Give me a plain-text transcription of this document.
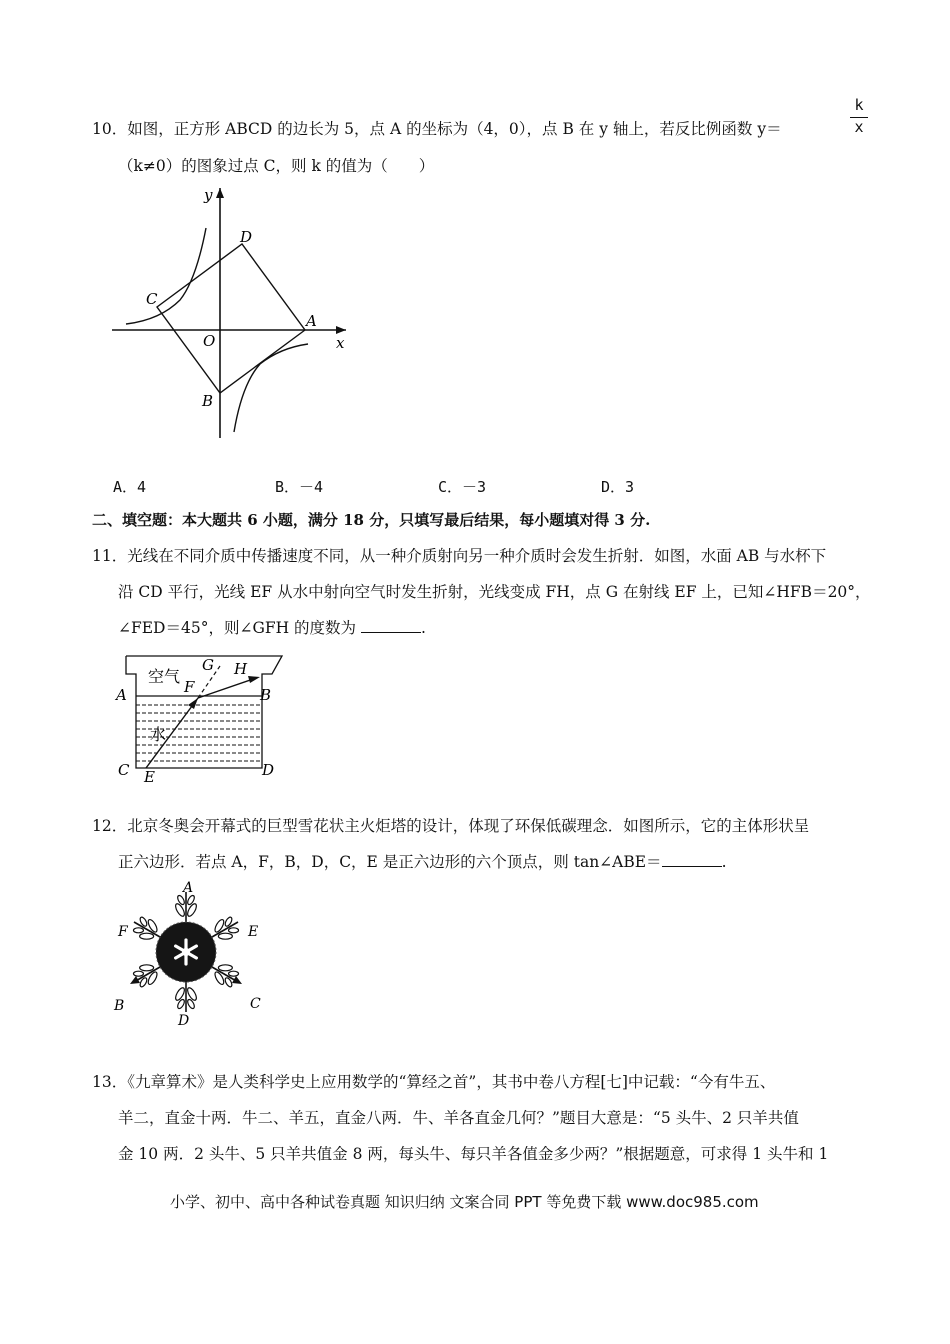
10．如图，正方形 ABCD 的边长为 5，点 A 的坐标为（4，0），点 B 在 y 轴上，若反比例函数 y＝
k
x
（k≠0）的图象过点 C，则 k 的值为（　　）
y
x
O
A
B
C
D
A．4	B．－4	C．－3	D．3
二、填空题：本大题共 6 小题，满分 18 分，只填写最后结果，每小题填对得 3 分.
11．光线在不同介质中传播速度不同，从一种介质射向另一种介质时会发生折射．如图，水面 AB 与水杯下
沿 CD 平行，光线 EF 从水中射向空气时发生折射，光线变成 FH，点 G 在射线 EF 上，已知∠HFB＝20°，
∠FED＝45°，则∠GFH 的度数为	.
空气
水
G H
F
A	B
C E	D
12．北京冬奥会开幕式的巨型雪花状主火炬塔的设计，体现了环保低碳理念．如图所示，它的主体形状呈
正六边形．若点 A，F，B，D，C，E 是正六边形的六个顶点，则 tan∠ABE＝	.
A
F	E
B	C
D
13．《九章算术》是人类科学史上应用数学的“算经之首”，其书中卷八方程[七]中记载：“今有牛五、
羊二，直金十两．牛二、羊五，直金八两．牛、羊各直金几何？”题目大意是：“5 头牛、2 只羊共值
金 10 两．2 头牛、5 只羊共值金 8 两，每头牛、每只羊各值金多少两？”根据题意，可求得 1 头牛和 1
小学、初中、高中各种试卷真题 知识归纳 文案合同 PPT 等免费下载 www.doc985.com
